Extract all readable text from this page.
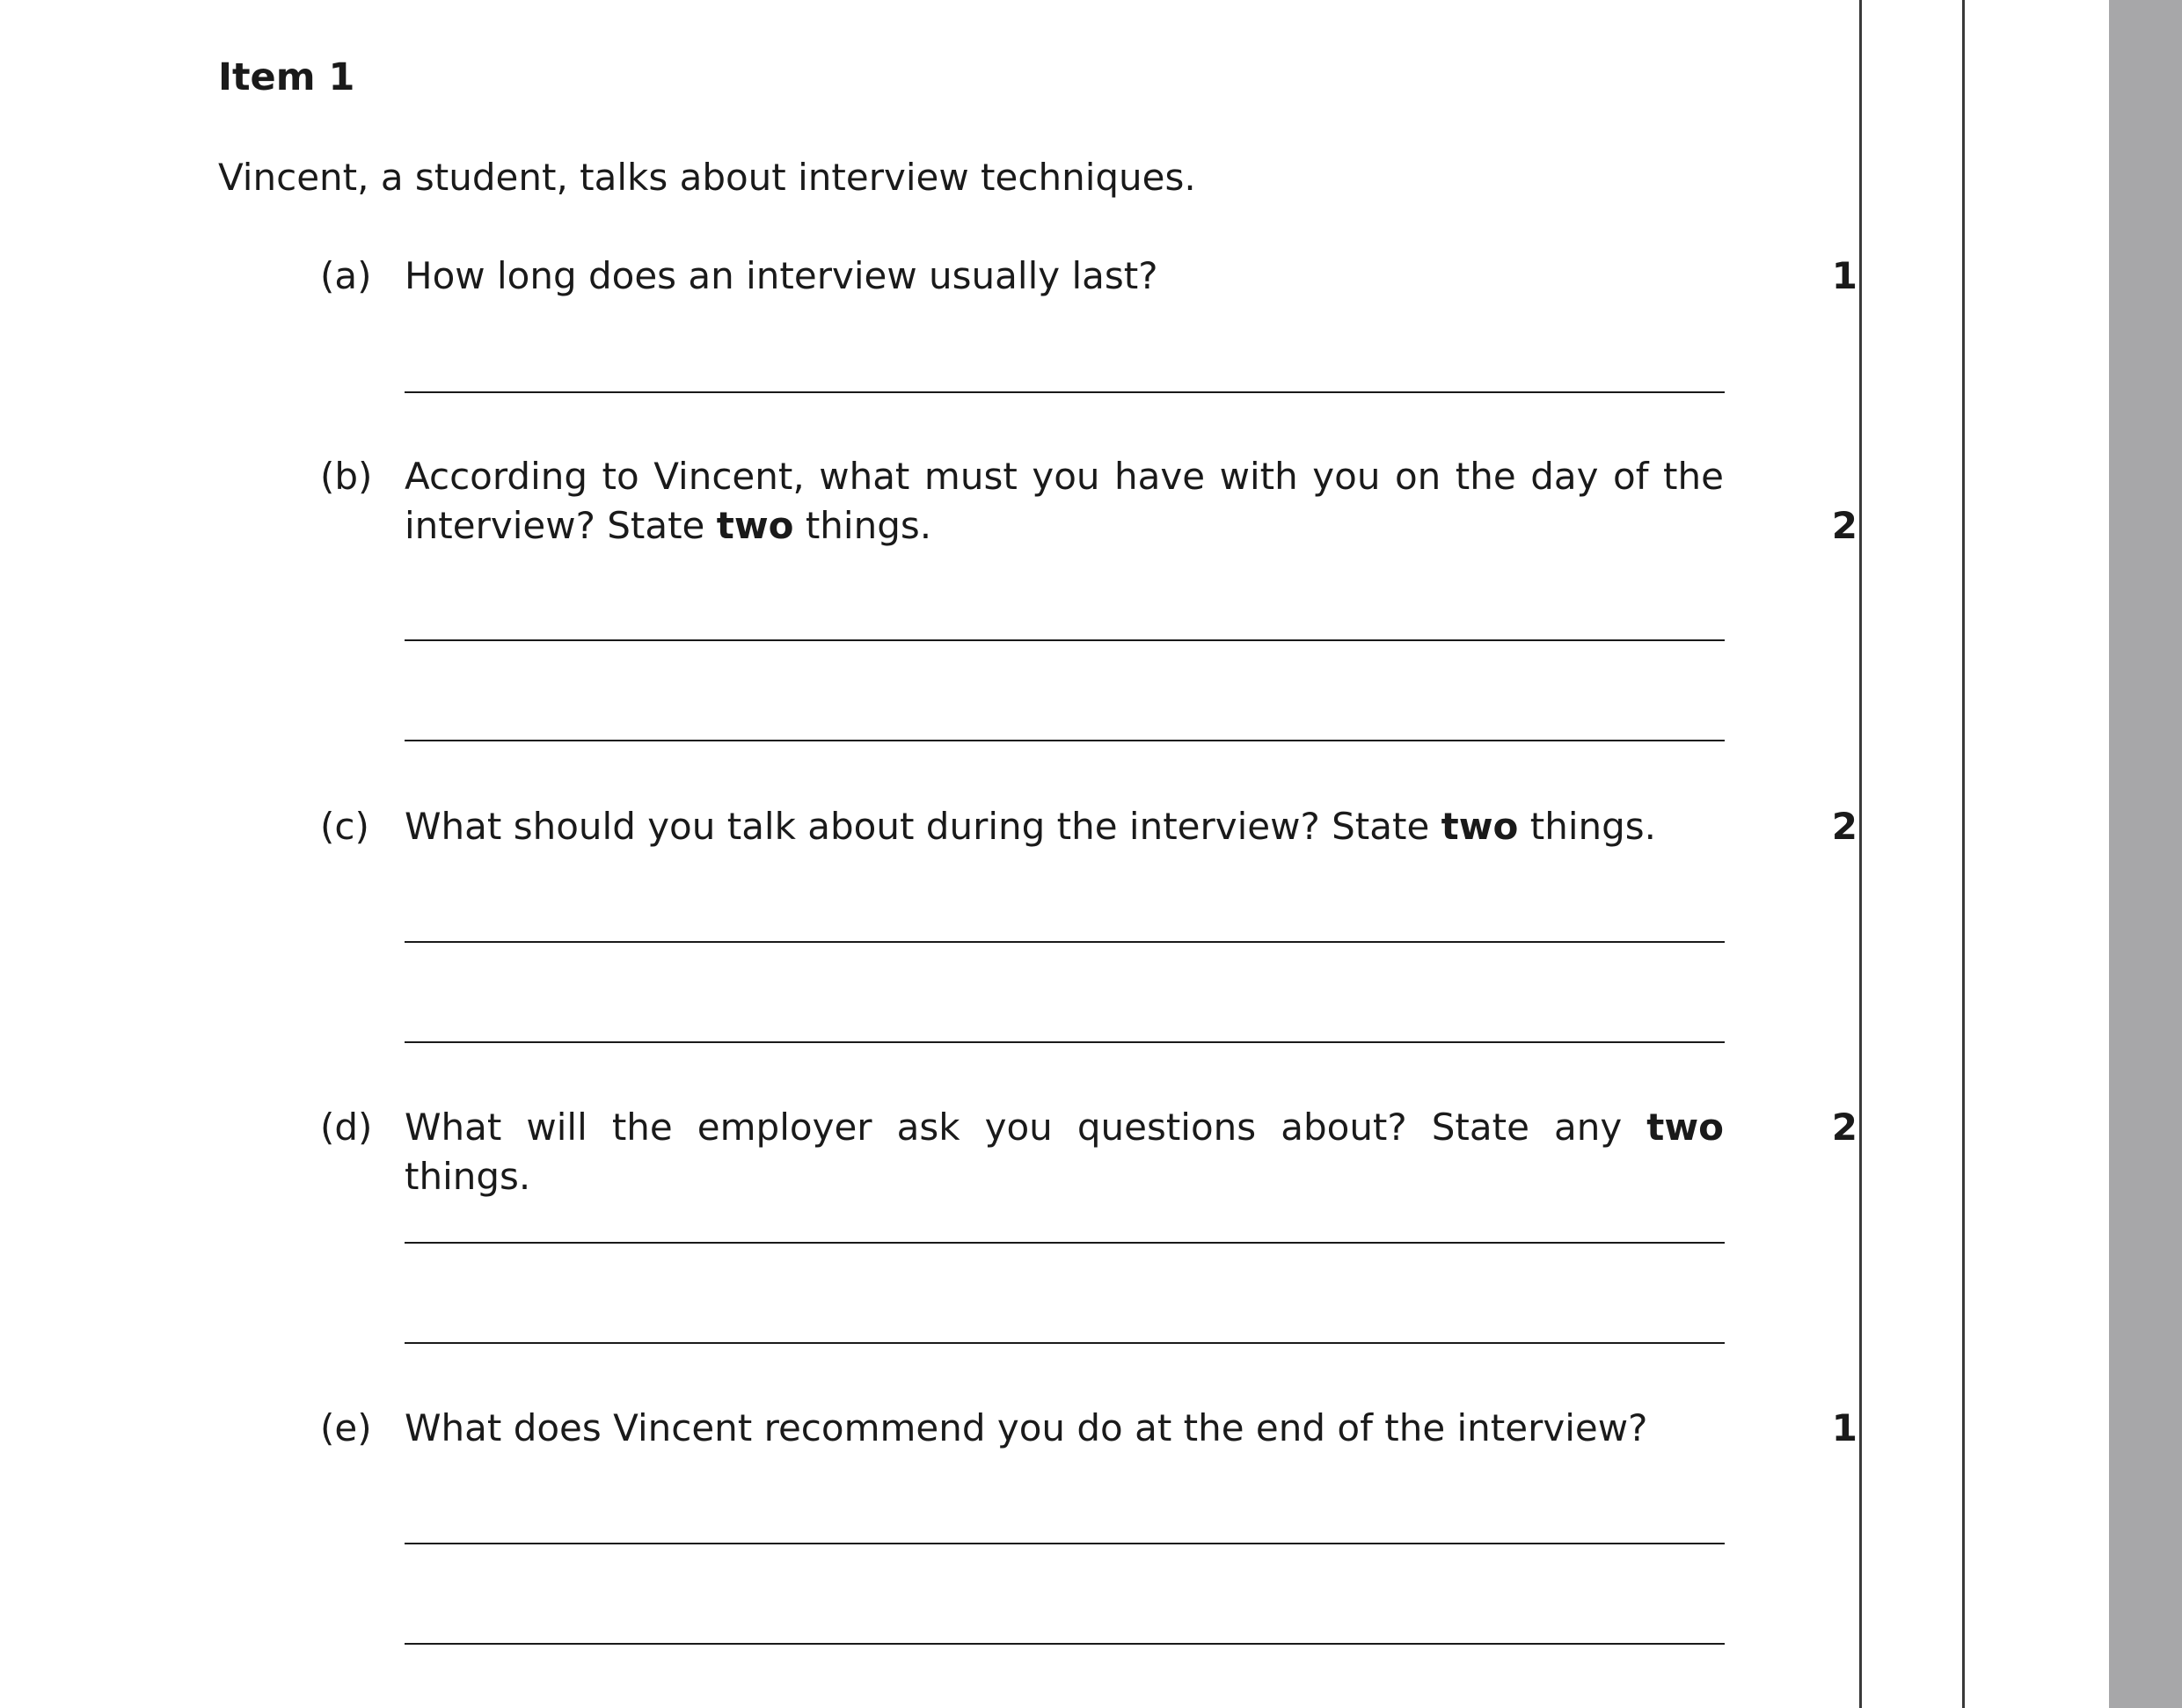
Item 1

Vincent, a student, talks about interview techniques.

(a) How long does an interview usually last?	1
(b) According to Vincent, what must you have with you on the day of the interview? State two things.	2
(c) What should you talk about during the interview? State two things.	2
(d) What will the employer ask you questions about? State any two things.
2
(e) What does Vincent recommend you do at the end of the interview?	1
